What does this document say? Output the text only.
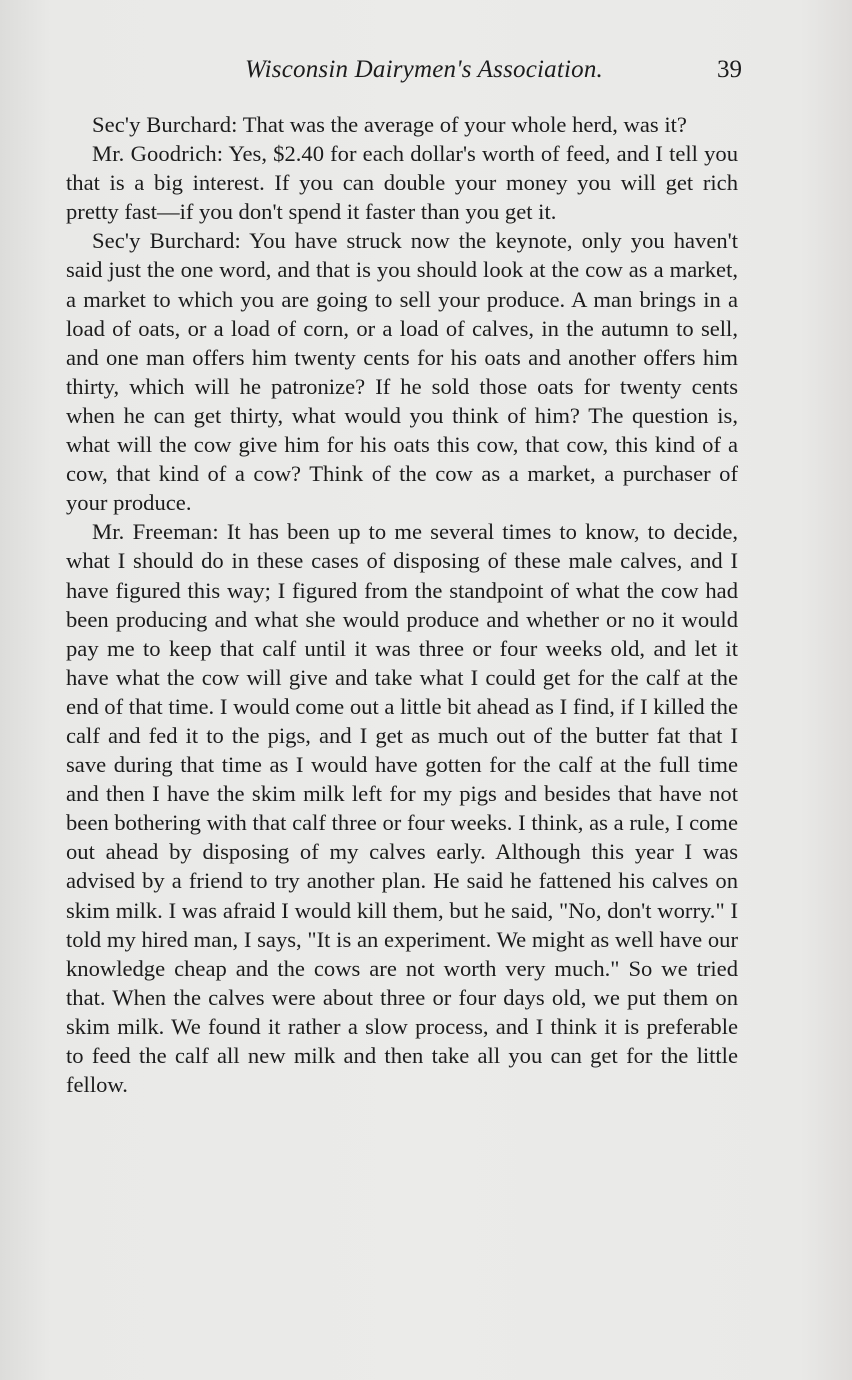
Wisconsin Dairymen's Association.	39

Sec'y Burchard: That was the average of your whole herd, was it?

Mr. Goodrich: Yes, $2.40 for each dollar's worth of feed, and I tell you that is a big interest. If you can double your money you will get rich pretty fast—if you don't spend it faster than you get it.

Sec'y Burchard: You have struck now the keynote, only you haven't said just the one word, and that is you should look at the cow as a market, a market to which you are going to sell your produce. A man brings in a load of oats, or a load of corn, or a load of calves, in the autumn to sell, and one man offers him twenty cents for his oats and another offers him thirty, which will he patronize? If he sold those oats for twenty cents when he can get thirty, what would you think of him? The question is, what will the cow give him for his oats this cow, that cow, this kind of a cow, that kind of a cow? Think of the cow as a market, a purchaser of your produce.

Mr. Freeman: It has been up to me several times to know, to decide, what I should do in these cases of disposing of these male calves, and I have figured this way; I figured from the standpoint of what the cow had been producing and what she would produce and whether or no it would pay me to keep that calf until it was three or four weeks old, and let it have what the cow will give and take what I could get for the calf at the end of that time. I would come out a little bit ahead as I find, if I killed the calf and fed it to the pigs, and I get as much out of the butter fat that I save during that time as I would have gotten for the calf at the full time and then I have the skim milk left for my pigs and besides that have not been bothering with that calf three or four weeks. I think, as a rule, I come out ahead by disposing of my calves early. Although this year I was advised by a friend to try another plan. He said he fattened his calves on skim milk. I was afraid I would kill them, but he said, "No, don't worry." I told my hired man, I says, "It is an experiment. We might as well have our knowledge cheap and the cows are not worth very much." So we tried that. When the calves were about three or four days old, we put them on skim milk. We found it rather a slow process, and I think it is preferable to feed the calf all new milk and then take all you can get for the little fellow.
